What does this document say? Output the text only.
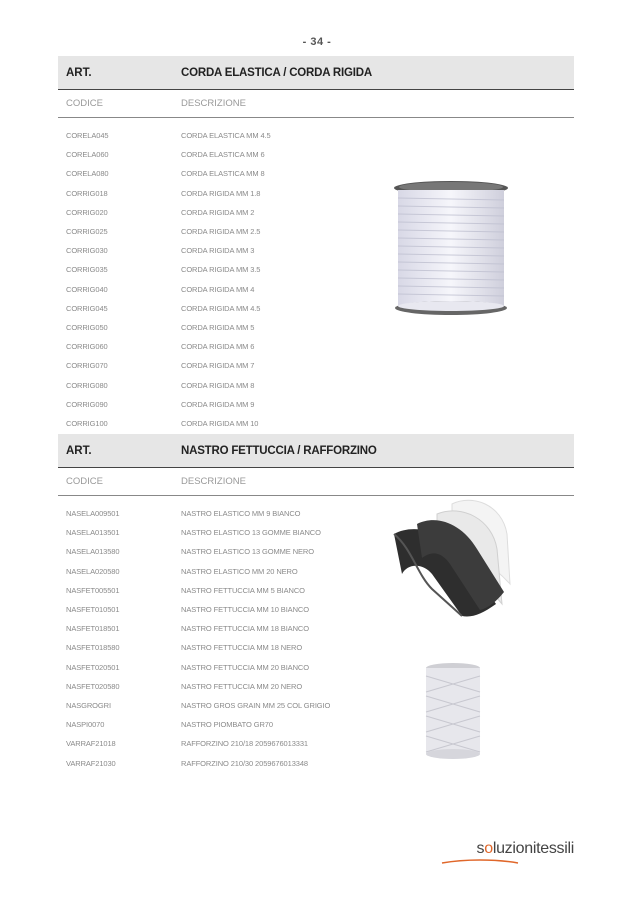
- 34 -
ART.	CORDA ELASTICA / CORDA RIGIDA
CODICE	DESCRIZIONE
CORELA045	CORDA ELASTICA MM 4.5
CORELA060	CORDA ELASTICA MM 6
CORELA080	CORDA ELASTICA MM 8
CORRIG018	CORDA RIGIDA MM 1.8
CORRIG020	CORDA RIGIDA MM 2
CORRIG025	CORDA RIGIDA MM 2.5
CORRIG030	CORDA RIGIDA MM 3
CORRIG035	CORDA RIGIDA MM 3.5
CORRIG040	CORDA RIGIDA MM 4
CORRIG045	CORDA RIGIDA MM 4.5
CORRIG050	CORDA RIGIDA MM 5
CORRIG060	CORDA RIGIDA MM 6
CORRIG070	CORDA RIGIDA MM 7
CORRIG080	CORDA RIGIDA MM 8
CORRIG090	CORDA RIGIDA MM 9
CORRIG100	CORDA RIGIDA MM 10
ART.	NASTRO FETTUCCIA / RAFFORZINO
CODICE	DESCRIZIONE
NASELA009501	NASTRO ELASTICO MM 9 BIANCO
NASELA013501	NASTRO ELASTICO 13 GOMME BIANCO
NASELA013580	NASTRO ELASTICO 13 GOMME NERO
NASELA020580	NASTRO ELASTICO MM 20 NERO
NASFET005501	NASTRO FETTUCCIA MM 5 BIANCO
NASFET010501	NASTRO FETTUCCIA MM 10 BIANCO
NASFET018501	NASTRO FETTUCCIA MM 18 BIANCO
NASFET018580	NASTRO FETTUCCIA MM 18 NERO
NASFET020501	NASTRO FETTUCCIA MM 20 BIANCO
NASFET020580	NASTRO FETTUCCIA MM 20 NERO
NASGROGRI	NASTRO GROS GRAIN MM 25 COL GRIGIO
NASPI0070	NASTRO PIOMBATO GR70
VARRAF21018	RAFFORZINO 210/18 2059676013331
VARRAF21030	RAFFORZINO 210/30 2059676013348
soluzionitessili
